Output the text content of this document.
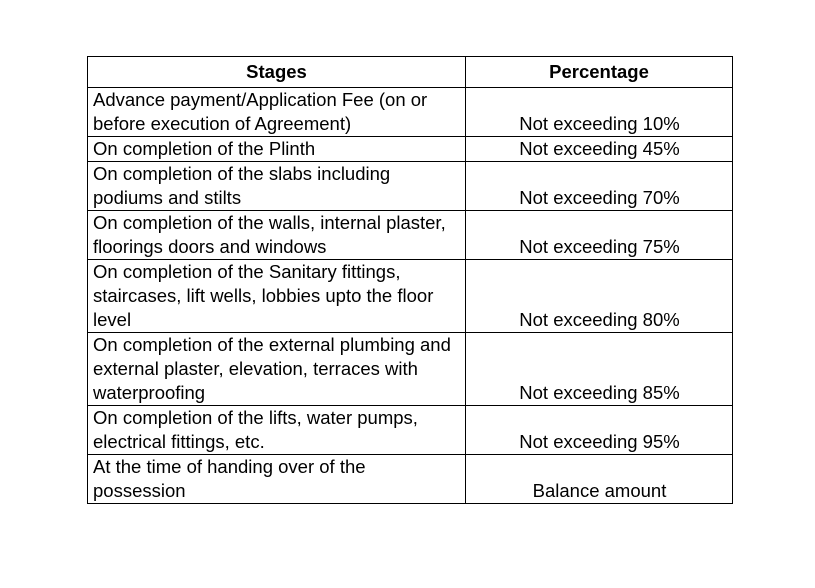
Stages	Percentage
Advance payment/Application Fee (on or before execution of Agreement)	Not exceeding 10%
On completion of the Plinth	Not exceeding 45%
On completion of the slabs including podiums and stilts	Not exceeding 70%
On completion of the walls, internal plaster, floorings doors and windows	Not exceeding 75%
On completion of the Sanitary fittings, staircases, lift wells, lobbies upto the floor level	Not exceeding 80%
On completion of the external plumbing and external plaster, elevation, terraces with waterproofing	Not exceeding 85%
On completion of the lifts, water pumps, electrical fittings, etc.	Not exceeding 95%
At the time of handing over of the possession	Balance amount
